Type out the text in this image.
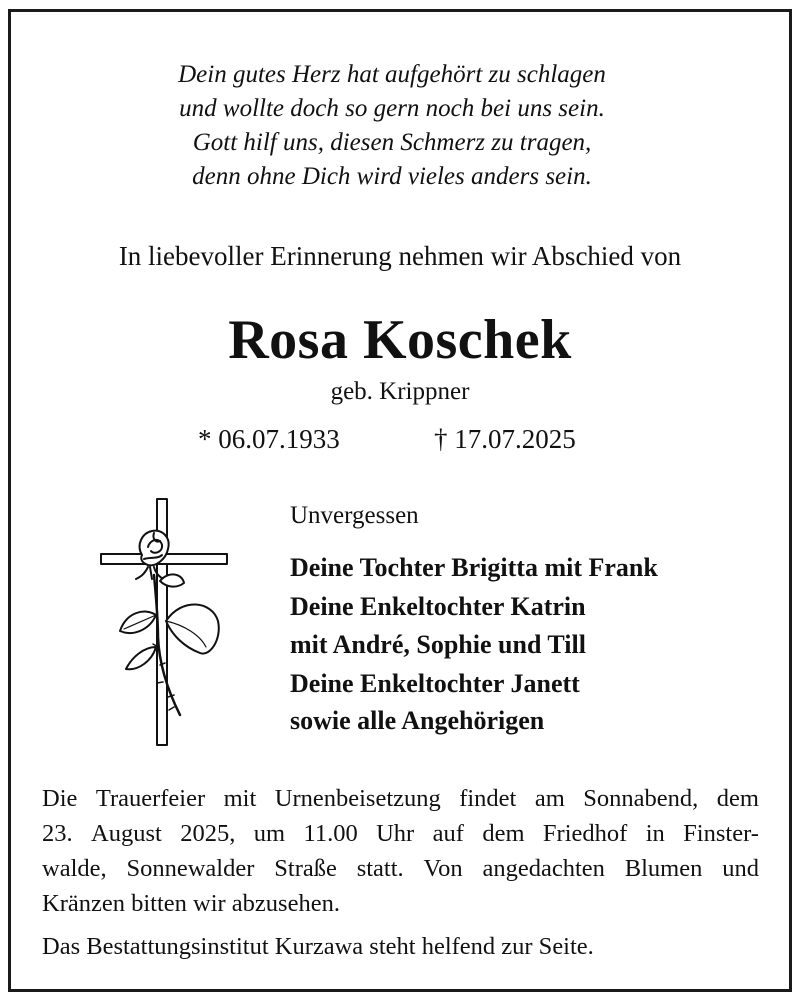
Dein gutes Herz hat aufgehört zu schlagen
und wollte doch so gern noch bei uns sein.
Gott hilf uns, diesen Schmerz zu tragen,
denn ohne Dich wird vieles anders sein.
In liebevoller Erinnerung nehmen wir Abschied von
Rosa Koschek
geb. Krippner
* 06.07.1933	† 17.07.2025
Unvergessen
Deine Tochter Brigitta mit Frank
Deine Enkeltochter Katrin
mit André, Sophie und Till
Deine Enkeltochter Janett
sowie alle Angehörigen
Die Trauerfeier mit Urnenbeisetzung findet am Sonnabend, dem
23. August 2025, um 11.00 Uhr auf dem Friedhof in Finster-
walde, Sonnewalder Straße statt. Von angedachten Blumen und
Kränzen bitten wir abzusehen.
Das Bestattungsinstitut Kurzawa steht helfend zur Seite.
